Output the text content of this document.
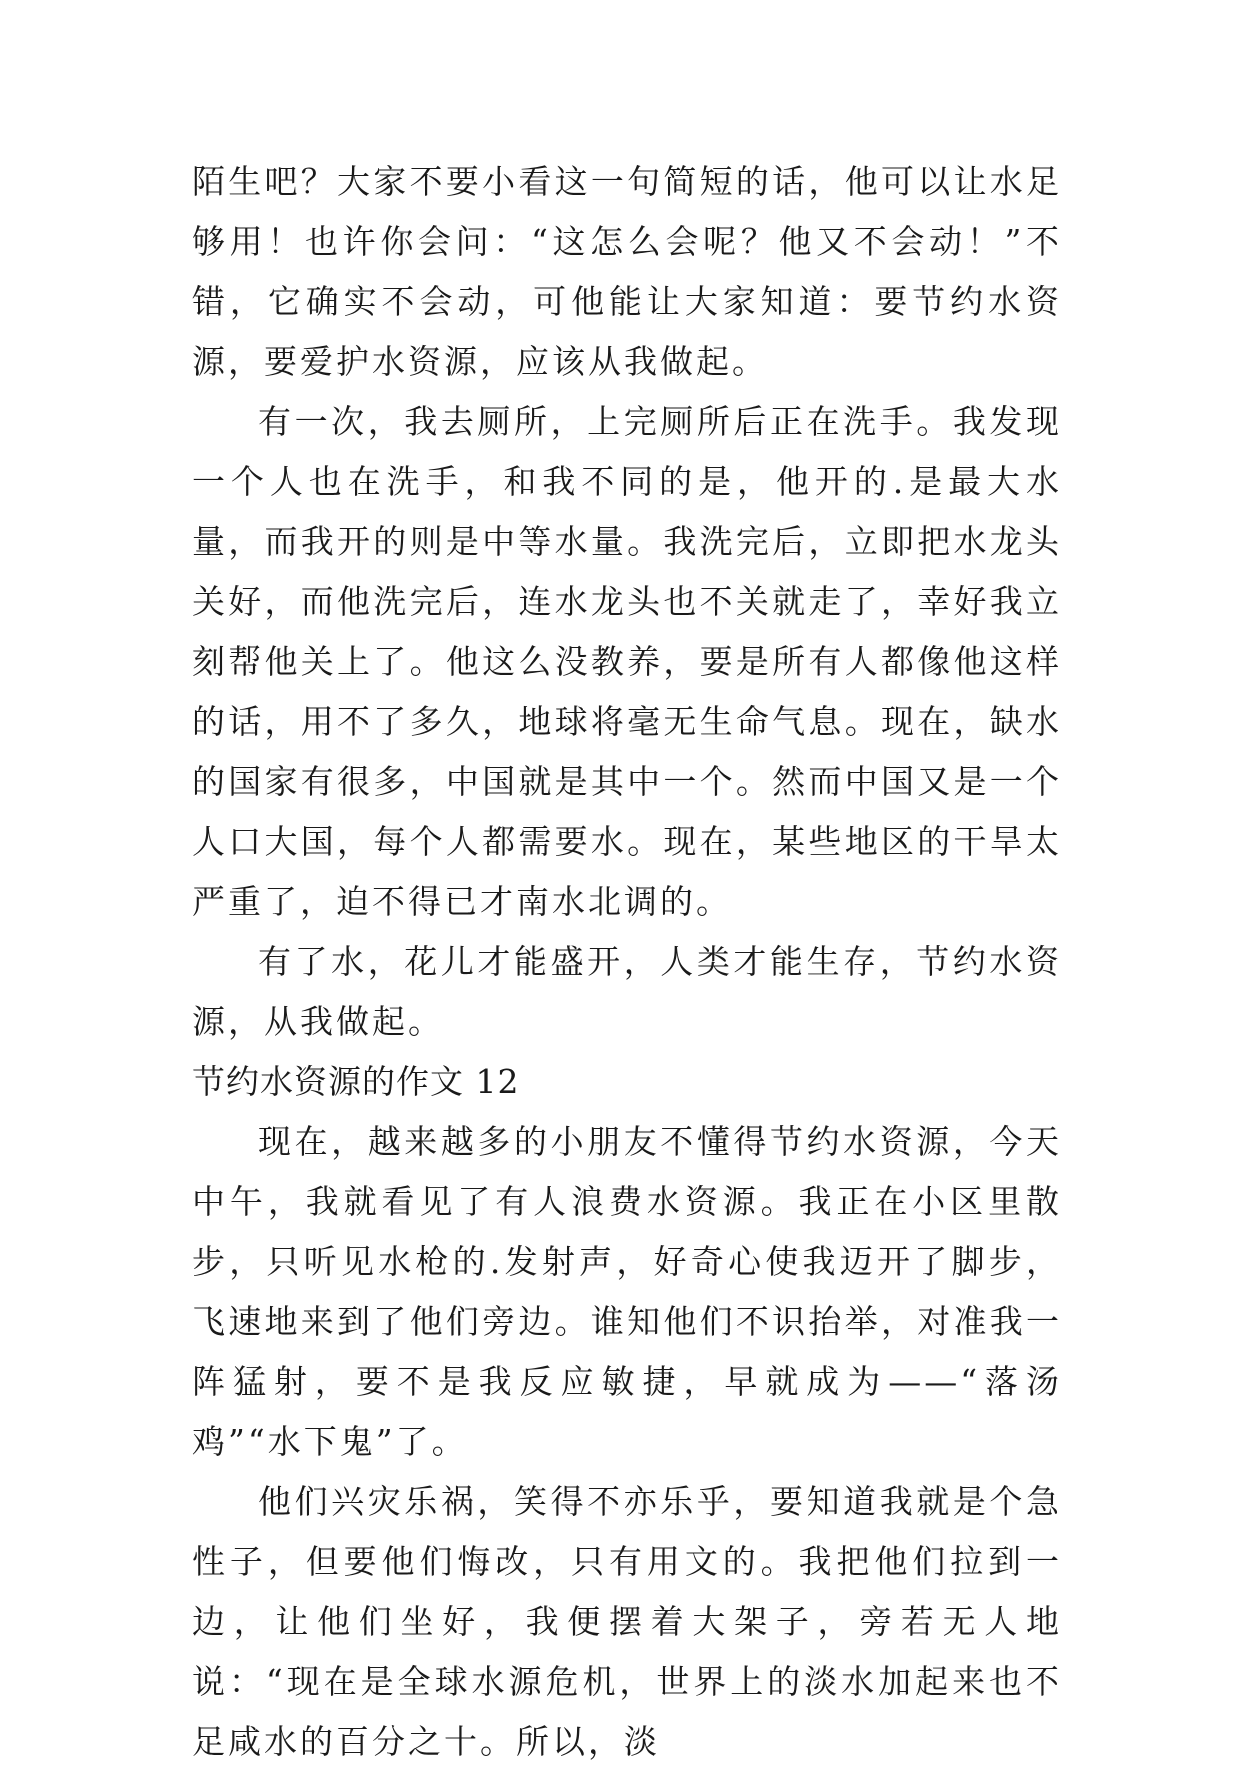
陌生吧？大家不要小看这一句简短的话，他可以让水足够用！也许你会问：“这怎么会呢？他又不会动！”不错，它确实不会动，可他能让大家知道：要节约水资源，要爱护水资源，应该从我做起。

有一次，我去厕所，上完厕所后正在洗手。我发现一个人也在洗手，和我不同的是，他开的.是最大水量，而我开的则是中等水量。我洗完后，立即把水龙头关好，而他洗完后，连水龙头也不关就走了，幸好我立刻帮他关上了。他这么没教养，要是所有人都像他这样的话，用不了多久，地球将毫无生命气息。现在，缺水的国家有很多，中国就是其中一个。然而中国又是一个人口大国，每个人都需要水。现在，某些地区的干旱太严重了，迫不得已才南水北调的。

有了水，花儿才能盛开，人类才能生存，节约水资源，从我做起。

节约水资源的作文 12

现在，越来越多的小朋友不懂得节约水资源，今天中午，我就看见了有人浪费水资源。我正在小区里散步，只听见水枪的.发射声，好奇心使我迈开了脚步，飞速地来到了他们旁边。谁知他们不识抬举，对准我一阵猛射，要不是我反应敏捷，早就成为——“落汤鸡”“水下鬼”了。

他们兴灾乐祸，笑得不亦乐乎，要知道我就是个急性子，但要他们悔改，只有用文的。我把他们拉到一边，让他们坐好，我便摆着大架子，旁若无人地说：“现在是全球水源危机，世界上的淡水加起来也不足咸水的百分之十。所以，淡
